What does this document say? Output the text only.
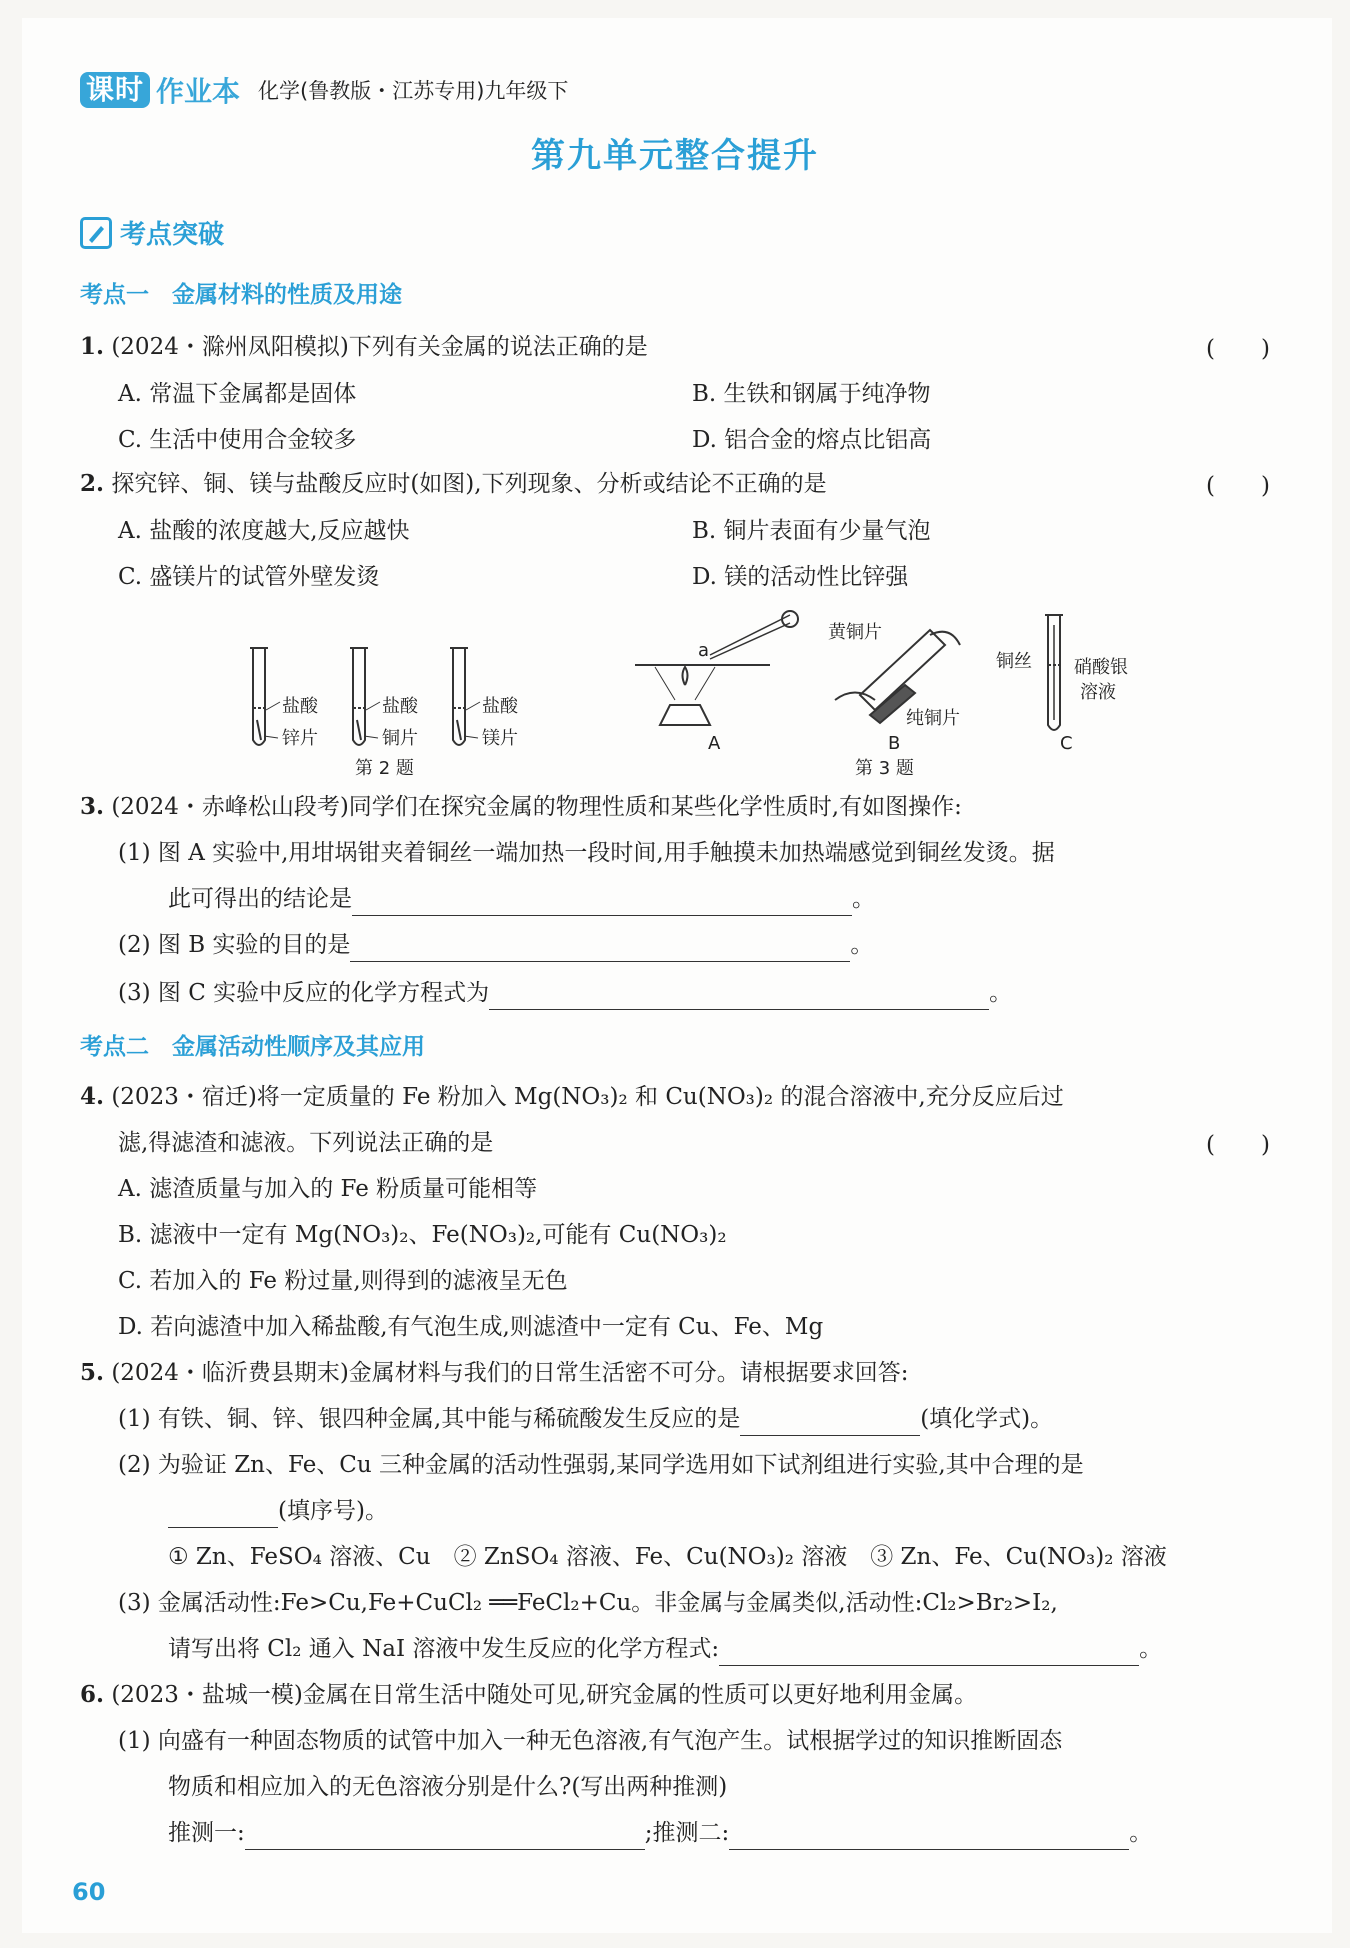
课时 作业本 化学(鲁教版・江苏专用)九年级下
第九单元整合提升
考点突破
考点一　金属材料的性质及用途
1. (2024・滁州凤阳模拟)下列有关金属的说法正确的是	(　　)
A. 常温下金属都是固体	B. 生铁和钢属于纯净物
C. 生活中使用合金较多	D. 铝合金的熔点比铝高
2. 探究锌、铜、镁与盐酸反应时(如图),下列现象、分析或结论不正确的是	(　　)
A. 盐酸的浓度越大,反应越快	B. 铜片表面有少量气泡
C. 盛镁片的试管外壁发烫	D. 镁的活动性比锌强
盐酸
锌片
盐酸
铜片
盐酸
镁片
第 2 题
a
黄铜片
纯铜片
铜丝 硝酸银
溶液
A	B	C
第 3 题
3. (2024・赤峰松山段考)同学们在探究金属的物理性质和某些化学性质时,有如图操作:
(1) 图 A 实验中,用坩埚钳夹着铜丝一端加热一段时间,用手触摸未加热端感觉到铜丝发烫。据
此可得出的结论是	。
(2) 图 B 实验的目的是	。
(3) 图 C 实验中反应的化学方程式为	。
考点二　金属活动性顺序及其应用
4. (2023・宿迁)将一定质量的 Fe 粉加入 Mg(NO₃)₂ 和 Cu(NO₃)₂ 的混合溶液中,充分反应后过
滤,得滤渣和滤液。下列说法正确的是	(　　)
A. 滤渣质量与加入的 Fe 粉质量可能相等
B. 滤液中一定有 Mg(NO₃)₂、Fe(NO₃)₂,可能有 Cu(NO₃)₂
C. 若加入的 Fe 粉过量,则得到的滤液呈无色
D. 若向滤渣中加入稀盐酸,有气泡生成,则滤渣中一定有 Cu、Fe、Mg
5. (2024・临沂费县期末)金属材料与我们的日常生活密不可分。请根据要求回答:
(1) 有铁、铜、锌、银四种金属,其中能与稀硫酸发生反应的是	(填化学式)。
(2) 为验证 Zn、Fe、Cu 三种金属的活动性强弱,某同学选用如下试剂组进行实验,其中合理的是
(填序号)。
① Zn、FeSO₄ 溶液、Cu　② ZnSO₄ 溶液、Fe、Cu(NO₃)₂ 溶液　③ Zn、Fe、Cu(NO₃)₂ 溶液
(3) 金属活动性:Fe>Cu,Fe+CuCl₂ ══FeCl₂+Cu。非金属与金属类似,活动性:Cl₂>Br₂>I₂,
请写出将 Cl₂ 通入 NaI 溶液中发生反应的化学方程式:	。
6. (2023・盐城一模)金属在日常生活中随处可见,研究金属的性质可以更好地利用金属。
(1) 向盛有一种固态物质的试管中加入一种无色溶液,有气泡产生。试根据学过的知识推断固态
物质和相应加入的无色溶液分别是什么?(写出两种推测)
推测一:	;推测二:	。
60
